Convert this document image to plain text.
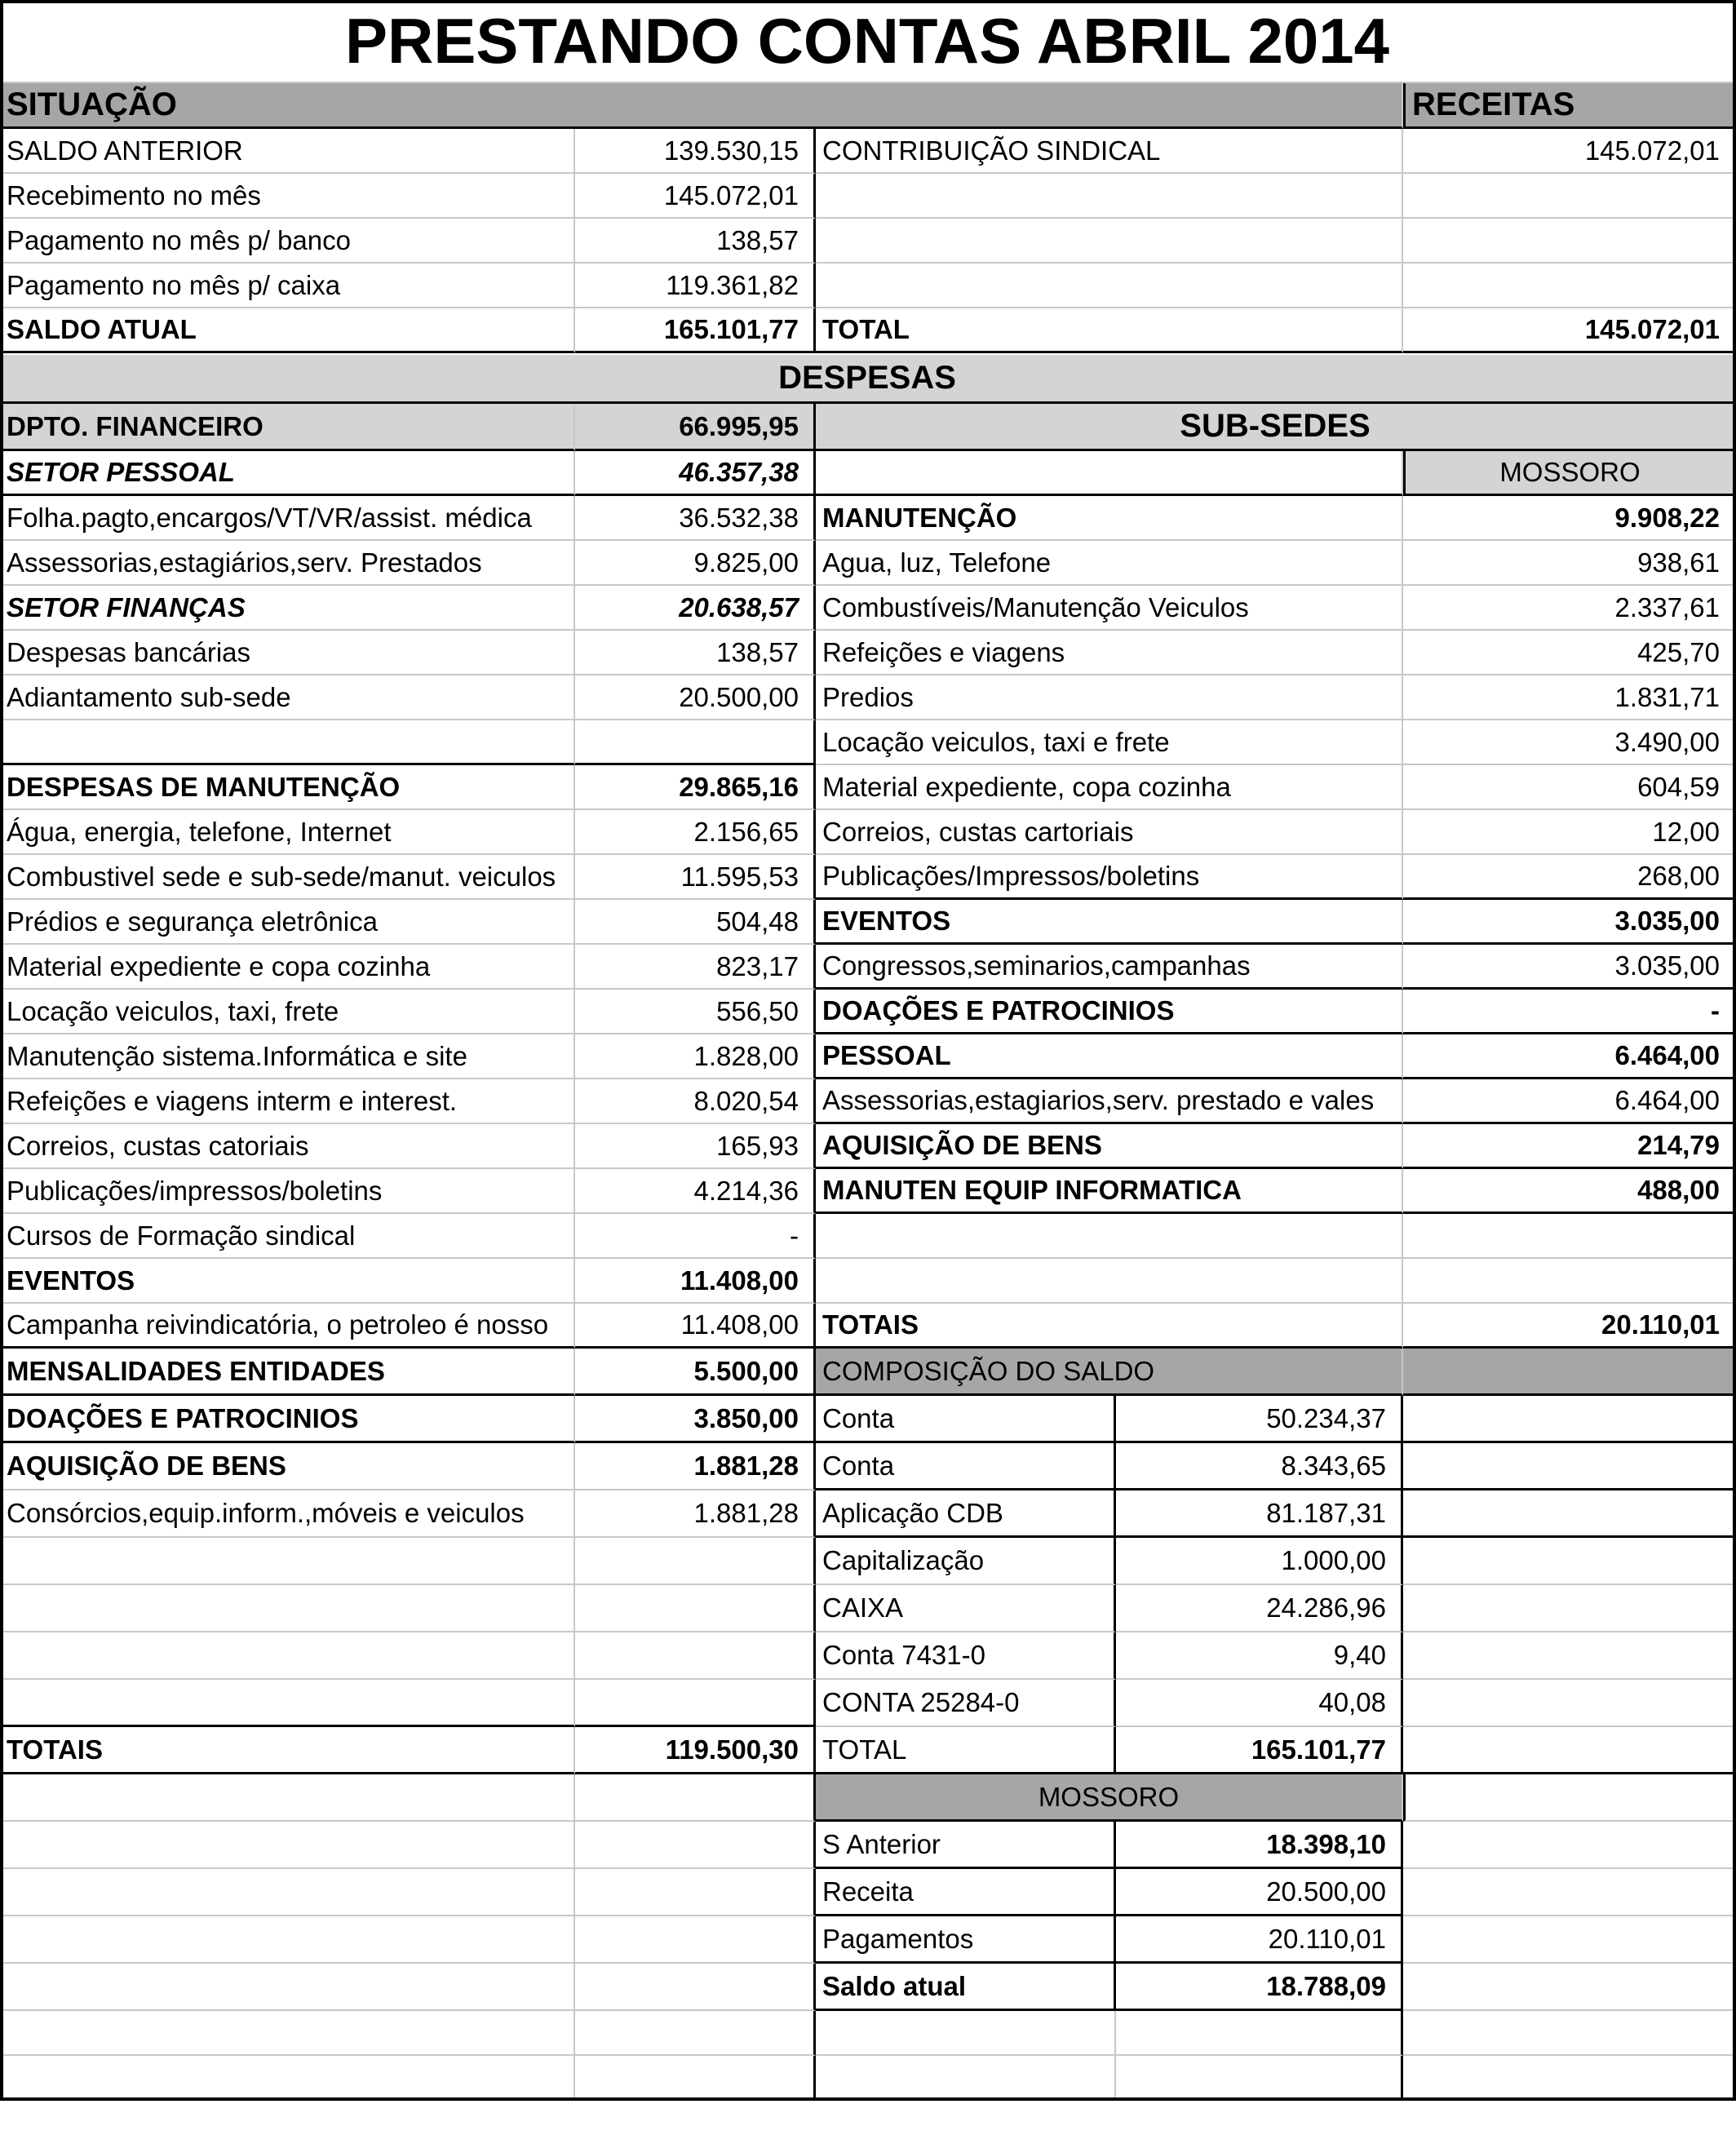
PRESTANDO CONTAS ABRIL 2014
SITUAÇÃO	RECEITAS
SALDO ANTERIOR	139.530,15 CONTRIBUIÇÃO SINDICAL	145.072,01
Recebimento no mês	145.072,01
Pagamento no mês p/ banco	138,57
Pagamento no mês p/ caixa	119.361,82
SALDO ATUAL	165.101,77 TOTAL	145.072,01
DESPESAS
DPTO. FINANCEIRO	66.995,95
SETOR PESSOAL	46.357,38
Folha.pagto,encargos/VT/VR/assist. médica	36.532,38
Assessorias,estagiários,serv. Prestados	9.825,00
SETOR FINANÇAS	20.638,57
Despesas bancárias	138,57
Adiantamento sub-sede	20.500,00
DESPESAS DE MANUTENÇÃO	29.865,16
Água, energia, telefone, Internet	2.156,65
Combustivel sede e sub-sede/manut. veiculos	11.595,53
Prédios e segurança eletrônica	504,48
Material expediente e copa cozinha	823,17
Locação veiculos, taxi, frete	556,50
Manutenção sistema.Informática e site	1.828,00
Refeições e viagens interm e interest.	8.020,54
Correios, custas catoriais	165,93
Publicações/impressos/boletins	4.214,36
Cursos de Formação sindical	-
EVENTOS	11.408,00
Campanha reivindicatória, o petroleo é nosso	11.408,00
MENSALIDADES ENTIDADES	5.500,00
DOAÇÕES E PATROCINIOS	3.850,00
AQUISIÇÃO DE BENS	1.881,28
Consórcios,equip.inform.,móveis e veiculos	1.881,28
TOTAIS	119.500,30
SUB-SEDES
MOSSORO
MANUTENÇÃO	9.908,22
Agua, luz, Telefone	938,61
Combustíveis/Manutenção Veiculos	2.337,61
Refeições e viagens	425,70
Predios	1.831,71
Locação veiculos, taxi e frete	3.490,00
Material expediente, copa cozinha	604,59
Correios, custas cartoriais	12,00
Publicações/Impressos/boletins	268,00
EVENTOS	3.035,00
Congressos,seminarios,campanhas	3.035,00
DOAÇÕES E PATROCINIOS	-
PESSOAL	6.464,00
Assessorias,estagiarios,serv. prestado e vales	6.464,00
AQUISIÇÃO DE BENS	214,79
MANUTEN EQUIP INFORMATICA	488,00
TOTAIS	20.110,01
COMPOSIÇÃO DO SALDO
Conta	50.234,37
Conta	8.343,65
Aplicação CDB	81.187,31
Capitalização	1.000,00
CAIXA	24.286,96
Conta 7431-0	9,40
CONTA 25284-0	40,08
TOTAL	165.101,77
MOSSORO
S Anterior	18.398,10
Receita	20.500,00
Pagamentos	20.110,01
Saldo atual	18.788,09
